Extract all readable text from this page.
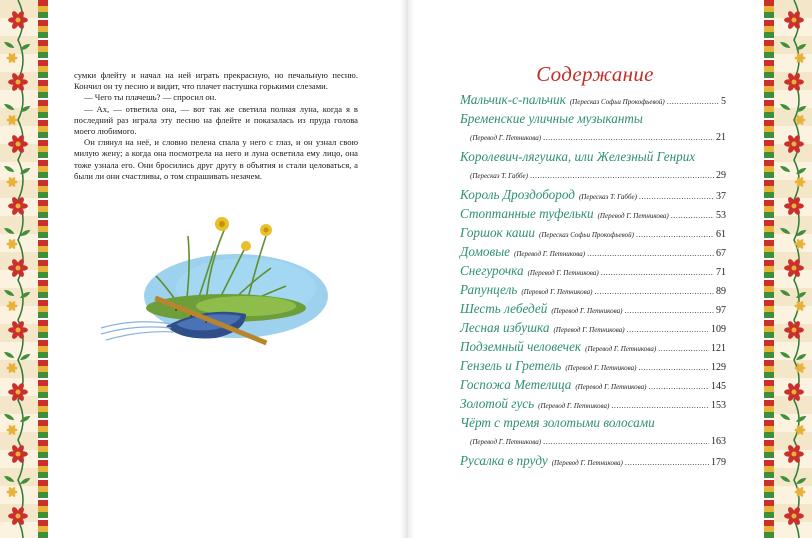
сумки флейту и начал на ней играть прекрасную, но печальную песню. Кончил он ту песню и видит, что плачет пастушка горькими слезами.

— Чего ты плачешь? — спросил он.

— Ах, — ответила она, — вот так же светила полная луна, когда я в последний раз играла эту песню на флейте и показалась из пруда голова моего любимого.

Он глянул на неё, и словно пелена спала у него с глаз, и он узнал свою милую жену; а когда она посмотрела на него и луна осветила ему лицо, она тоже узнала его. Они бросились друг другу в объятия и стали целоваться, а были ли они счастливы, о том спрашивать незачем.

Содержание
Мальчик-с-пальчик (Пересказ Софьи Прокофьевой) .....	5
Бременские уличные музыканты
(Перевод Г. Петникова) .....	21
Королевич-лягушка, или Железный Генрих
(Пересказ Т. Габбе) .....	29
Король Дроздобород (Пересказ Т. Габбе) .....	37
Стоптанные туфельки (Перевод Г. Петникова) .....	53
Горшок каши (Пересказ Софьи Прокофьевой) .....	61
Домовые (Перевод Г. Петникова) .....	67
Снегурочка (Перевод Г. Петникова) .....	71
Рапунцель (Перевод Г. Петникова) .....	89
Шесть лебедей (Перевод Г. Петникова) .....	97
Лесная избушка (Перевод Г. Петникова) .....	109
Подземный человечек (Перевод Г. Петникова) .....	121
Гензель и Гретель (Перевод Г. Петникова) .....	129
Госпожа Метелица (Перевод Г. Петникова) .....	145
Золотой гусь (Перевод Г. Петникова) .....	153
Чёрт с тремя золотыми волосами
(Перевод Г. Петникова) .....	163
Русалка в пруду (Перевод Г. Петникова) .....	179
